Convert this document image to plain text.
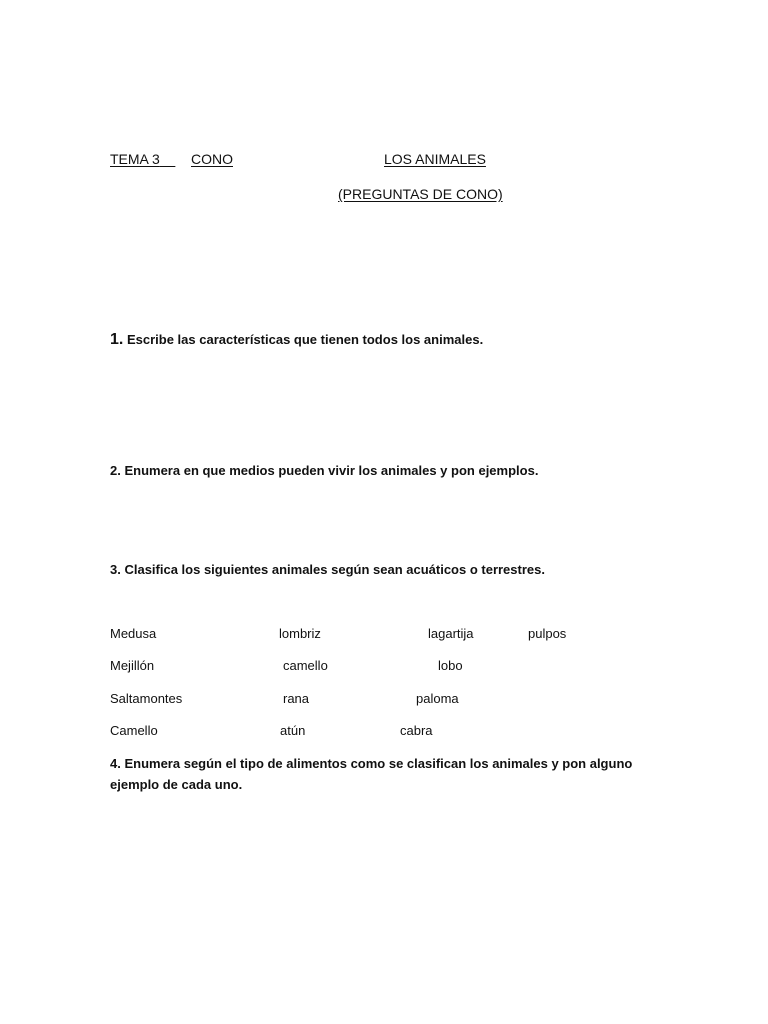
TEMA 3	CONO	LOS ANIMALES
(PREGUNTAS DE CONO)
1. Escribe las características que tienen todos los animales.
2. Enumera en que medios pueden vivir los animales y pon ejemplos.
3. Clasifica los siguientes animales según sean acuáticos o terrestres.
Medusa	lombriz	lagartija	pulpos
Mejillón	camello	lobo
Saltamontes	rana	paloma
Camello	atún	cabra
4. Enumera según el tipo de alimentos como se clasifican los animales y pon alguno
ejemplo de cada uno.
